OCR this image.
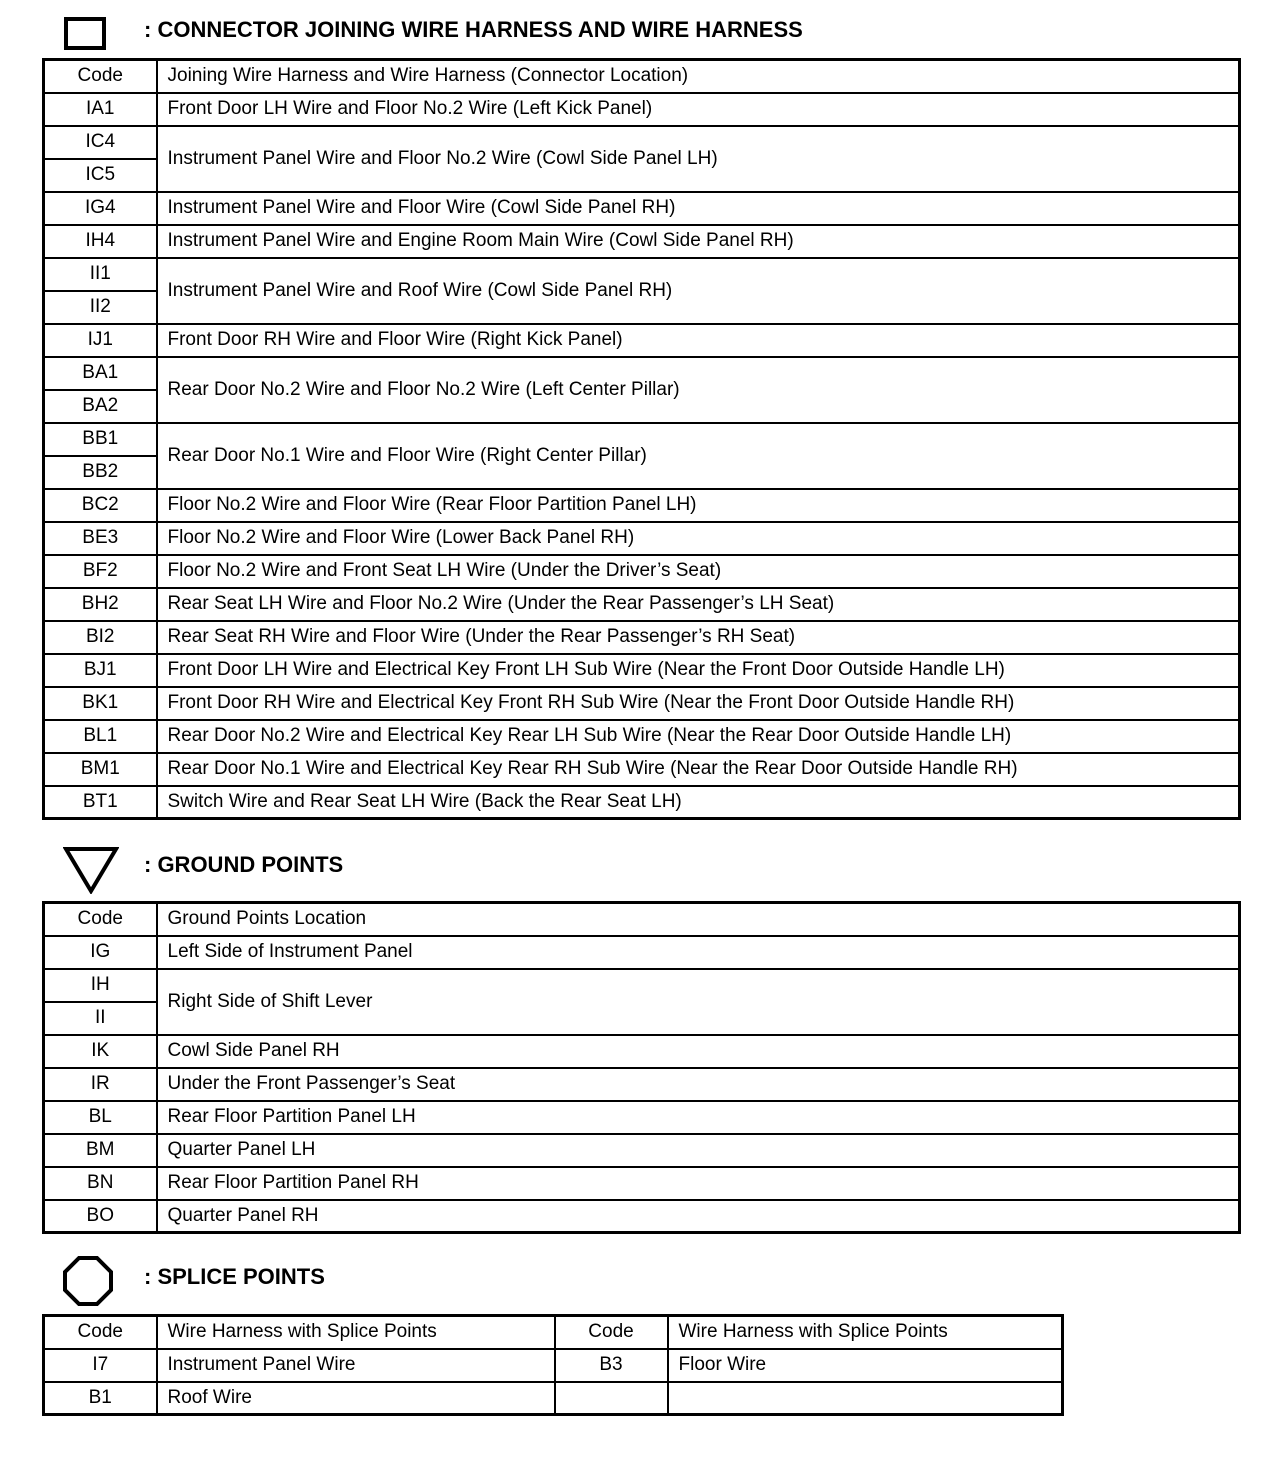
: CONNECTOR JOINING WIRE HARNESS AND WIRE HARNESS
Code	Joining Wire Harness and Wire Harness (Connector Location)
IA1	Front Door LH Wire and Floor No.2 Wire (Left Kick Panel)
IC4	Instrument Panel Wire and Floor No.2 Wire (Cowl Side Panel LH)
IC5	
IG4	Instrument Panel Wire and Floor Wire (Cowl Side Panel RH)
IH4	Instrument Panel Wire and Engine Room Main Wire (Cowl Side Panel RH)
II1	Instrument Panel Wire and Roof Wire (Cowl Side Panel RH)
II2	
IJ1	Front Door RH Wire and Floor Wire (Right Kick Panel)
BA1	Rear Door No.2 Wire and Floor No.2 Wire (Left Center Pillar)
BA2	
BB1	Rear Door No.1 Wire and Floor Wire (Right Center Pillar)
BB2	
BC2	Floor No.2 Wire and Floor Wire (Rear Floor Partition Panel LH)
BE3	Floor No.2 Wire and Floor Wire (Lower Back Panel RH)
BF2	Floor No.2 Wire and Front Seat LH Wire (Under the Driver’s Seat)
BH2	Rear Seat LH Wire and Floor No.2 Wire (Under the Rear Passenger’s LH Seat)
BI2	Rear Seat RH Wire and Floor Wire (Under the Rear Passenger’s RH Seat)
BJ1	Front Door LH Wire and Electrical Key Front LH Sub Wire (Near the Front Door Outside Handle LH)
BK1	Front Door RH Wire and Electrical Key Front RH Sub Wire (Near the Front Door Outside Handle RH)
BL1	Rear Door No.2 Wire and Electrical Key Rear LH Sub Wire (Near the Rear Door Outside Handle LH)
BM1	Rear Door No.1 Wire and Electrical Key Rear RH Sub Wire (Near the Rear Door Outside Handle RH)
BT1	Switch Wire and Rear Seat LH Wire (Back the Rear Seat LH)
: GROUND POINTS
Code	Ground Points Location
IG	Left Side of Instrument Panel
IH	Right Side of Shift Lever
II	
IK	Cowl Side Panel RH
IR	Under the Front Passenger’s Seat
BL	Rear Floor Partition Panel LH
BM	Quarter Panel LH
BN	Rear Floor Partition Panel RH
BO	Quarter Panel RH
: SPLICE POINTS
Code	Wire Harness with Splice Points	Code	Wire Harness with Splice Points
I7	Instrument Panel Wire	B3	Floor Wire
B1	Roof Wire		
